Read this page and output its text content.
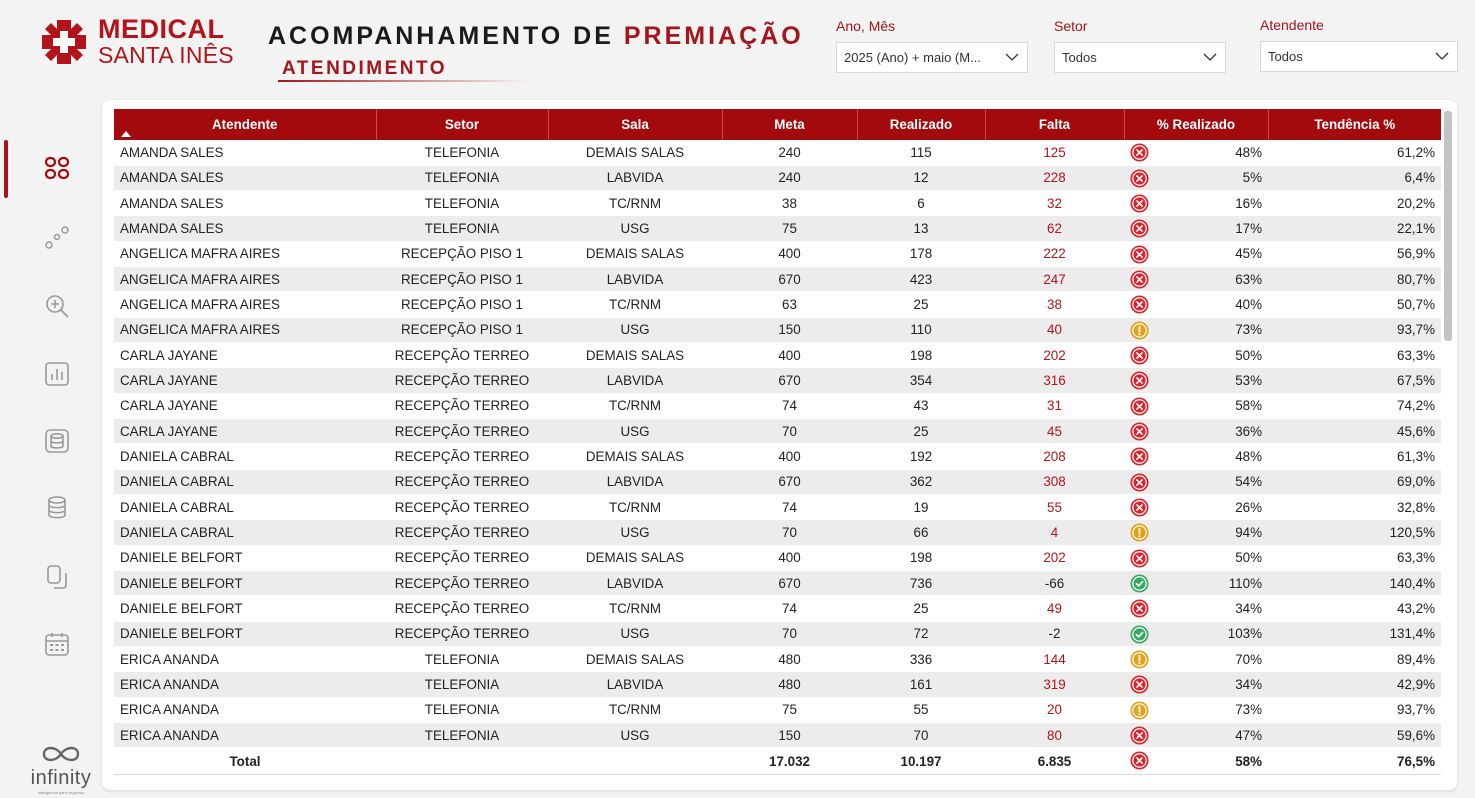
MEDICAL
SANTA INÊS
ACOMPANHAMENTO DE PREMIAÇÃO
ATENDIMENTO
Ano, Mês
2025 (Ano) + maio (M...
Setor
Todos
Atendente
Todos
infinity
inteligência para negócios
Atendente	Setor	Sala	Meta	Realizado	Falta	% Realizado	Tendência %
AMANDA SALES	TELEFONIA	DEMAIS SALAS	240	115	125	48%	61,2%
AMANDA SALES	TELEFONIA	LABVIDA	240	12	228	5%	6,4%
AMANDA SALES	TELEFONIA	TC/RNM	38	6	32	16%	20,2%
AMANDA SALES	TELEFONIA	USG	75	13	62	17%	22,1%
ANGELICA MAFRA AIRES	RECEPÇÃO PISO 1	DEMAIS SALAS	400	178	222	45%	56,9%
ANGELICA MAFRA AIRES	RECEPÇÃO PISO 1	LABVIDA	670	423	247	63%	80,7%
ANGELICA MAFRA AIRES	RECEPÇÃO PISO 1	TC/RNM	63	25	38	40%	50,7%
ANGELICA MAFRA AIRES	RECEPÇÃO PISO 1	USG	150	110	40	73%	93,7%
CARLA JAYANE	RECEPÇÃO TERREO	DEMAIS SALAS	400	198	202	50%	63,3%
CARLA JAYANE	RECEPÇÃO TERREO	LABVIDA	670	354	316	53%	67,5%
CARLA JAYANE	RECEPÇÃO TERREO	TC/RNM	74	43	31	58%	74,2%
CARLA JAYANE	RECEPÇÃO TERREO	USG	70	25	45	36%	45,6%
DANIELA CABRAL	RECEPÇÃO TERREO	DEMAIS SALAS	400	192	208	48%	61,3%
DANIELA CABRAL	RECEPÇÃO TERREO	LABVIDA	670	362	308	54%	69,0%
DANIELA CABRAL	RECEPÇÃO TERREO	TC/RNM	74	19	55	26%	32,8%
DANIELA CABRAL	RECEPÇÃO TERREO	USG	70	66	4	94%	120,5%
DANIELE BELFORT	RECEPÇÃO TERREO	DEMAIS SALAS	400	198	202	50%	63,3%
DANIELE BELFORT	RECEPÇÃO TERREO	LABVIDA	670	736	-66	110%	140,4%
DANIELE BELFORT	RECEPÇÃO TERREO	TC/RNM	74	25	49	34%	43,2%
DANIELE BELFORT	RECEPÇÃO TERREO	USG	70	72	-2	103%	131,4%
ERICA ANANDA	TELEFONIA	DEMAIS SALAS	480	336	144	70%	89,4%
ERICA ANANDA	TELEFONIA	LABVIDA	480	161	319	34%	42,9%
ERICA ANANDA	TELEFONIA	TC/RNM	75	55	20	73%	93,7%
ERICA ANANDA	TELEFONIA	USG	150	70	80	47%	59,6%
Total			17.032	10.197	6.835	58%	76,5%
